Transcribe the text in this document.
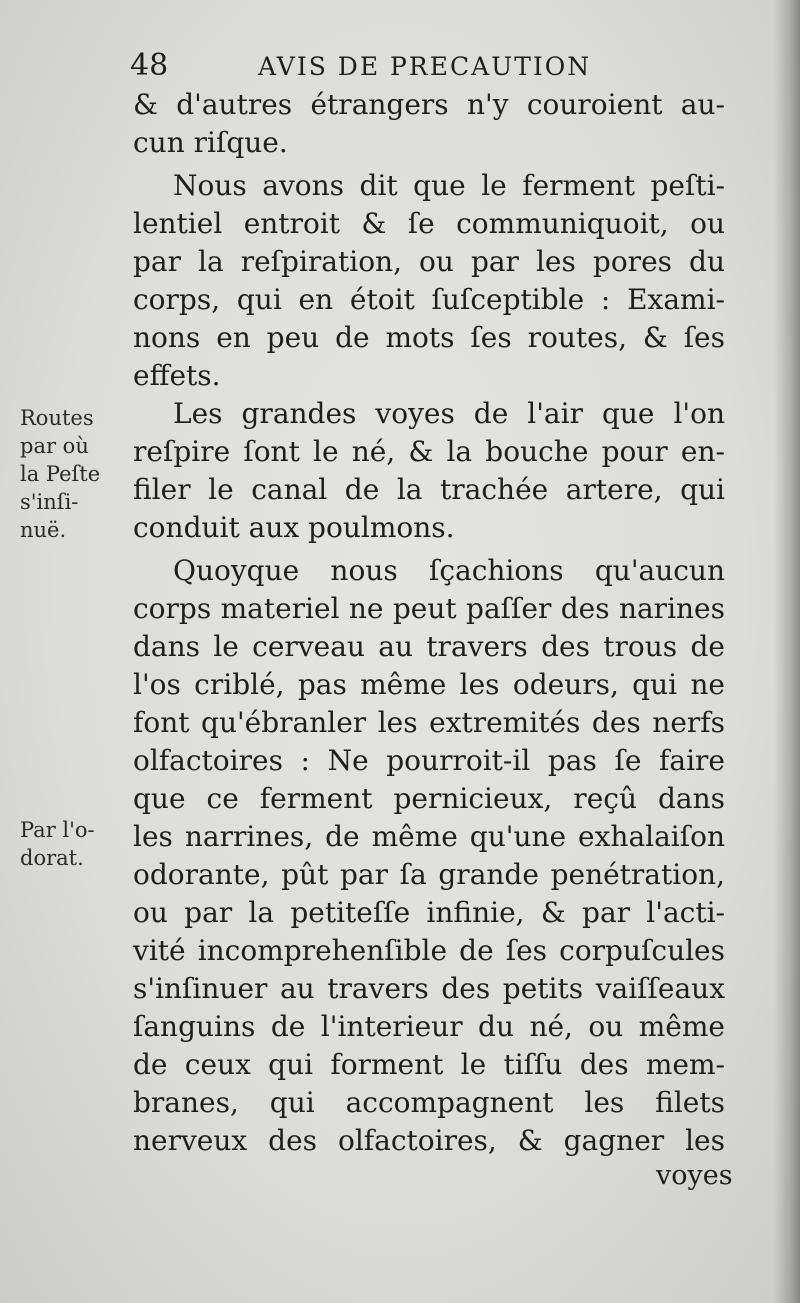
48	AVIS DE PRECAUTION
& d'autres étrangers n'y couroient au-
cun riſque.
Nous avons dit que le ferment peſti-
lentiel entroit & ſe communiquoit, ou
par la reſpiration, ou par les pores du
corps, qui en étoit ſuſceptible : Exami-
nons en peu de mots ſes routes, & ſes
effets.
Les grandes voyes de l'air que l'on
reſpire ſont le né, & la bouche pour en-
filer le canal de la trachée artere, qui
conduit aux poulmons.
Quoyque nous ſçachions qu'aucun
corps materiel ne peut paſſer des narines
dans le cerveau au travers des trous de
l'os criblé, pas même les odeurs, qui ne
font qu'ébranler les extremités des nerfs
olfactoires : Ne pourroit-il pas ſe faire
que ce ferment pernicieux, reçû dans
les narrines, de même qu'une exhalaiſon
odorante, pût par ſa grande penétration,
ou par la petiteſſe infinie, & par l'acti-
vité incomprehenſible de ſes corpuſcules
s'inſinuer au travers des petits vaiſſeaux
ſanguins de l'interieur du né, ou même
de ceux qui forment le tiſſu des mem-
branes, qui accompagnent les filets
nerveux des olfactoires, & gagner les
voyes
Routes
par où
la Peſte
s'inſi-
nuë.
Par l'o-
dorat.
